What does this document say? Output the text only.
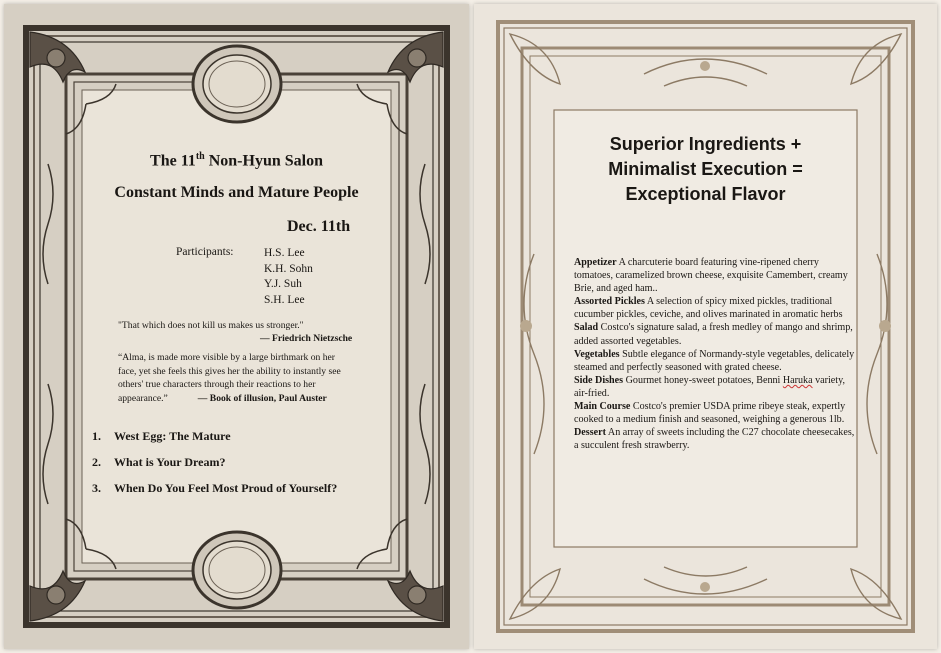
The 11th Non-Hyun Salon
Constant Minds and Mature People
Dec. 11th
Participants:	H.S. Lee
K.H. Sohn
Y.J. Suh
S.H. Lee
"That which does not kill us makes us stronger."
— Friedrich Nietzsche
“Alma, is made more visible by a large birthmark on her
face, yet she feels this gives her the ability to instantly see
others' true characters through their reactions to her
appearance.”	— Book of illusion, Paul Auster
1.	West Egg: The Mature
2.	What is Your Dream?
3.	When Do You Feel Most Proud of Yourself?
Superior Ingredients +
Minimalist Execution =
Exceptional Flavor
Appetizer A charcuterie board featuring vine-ripened cherry tomatoes, caramelized brown cheese, exquisite Camembert, creamy Brie, and aged ham..
Assorted Pickles A selection of spicy mixed pickles, traditional cucumber pickles, ceviche, and olives marinated in aromatic herbs
Salad Costco's signature salad, a fresh medley of mango and shrimp, added assorted vegetables.
Vegetables Subtle elegance of Normandy-style vegetables, delicately steamed and perfectly seasoned with grated cheese.
Side Dishes Gourmet honey-sweet potatoes, Benni Haruka variety, air-fried.
Main Course Costco's premier USDA prime ribeye steak, expertly cooked to a medium finish and seasoned, weighing a generous 1lb.
Dessert An array of sweets including the C27 chocolate cheesecakes, a succulent fresh strawberry.
